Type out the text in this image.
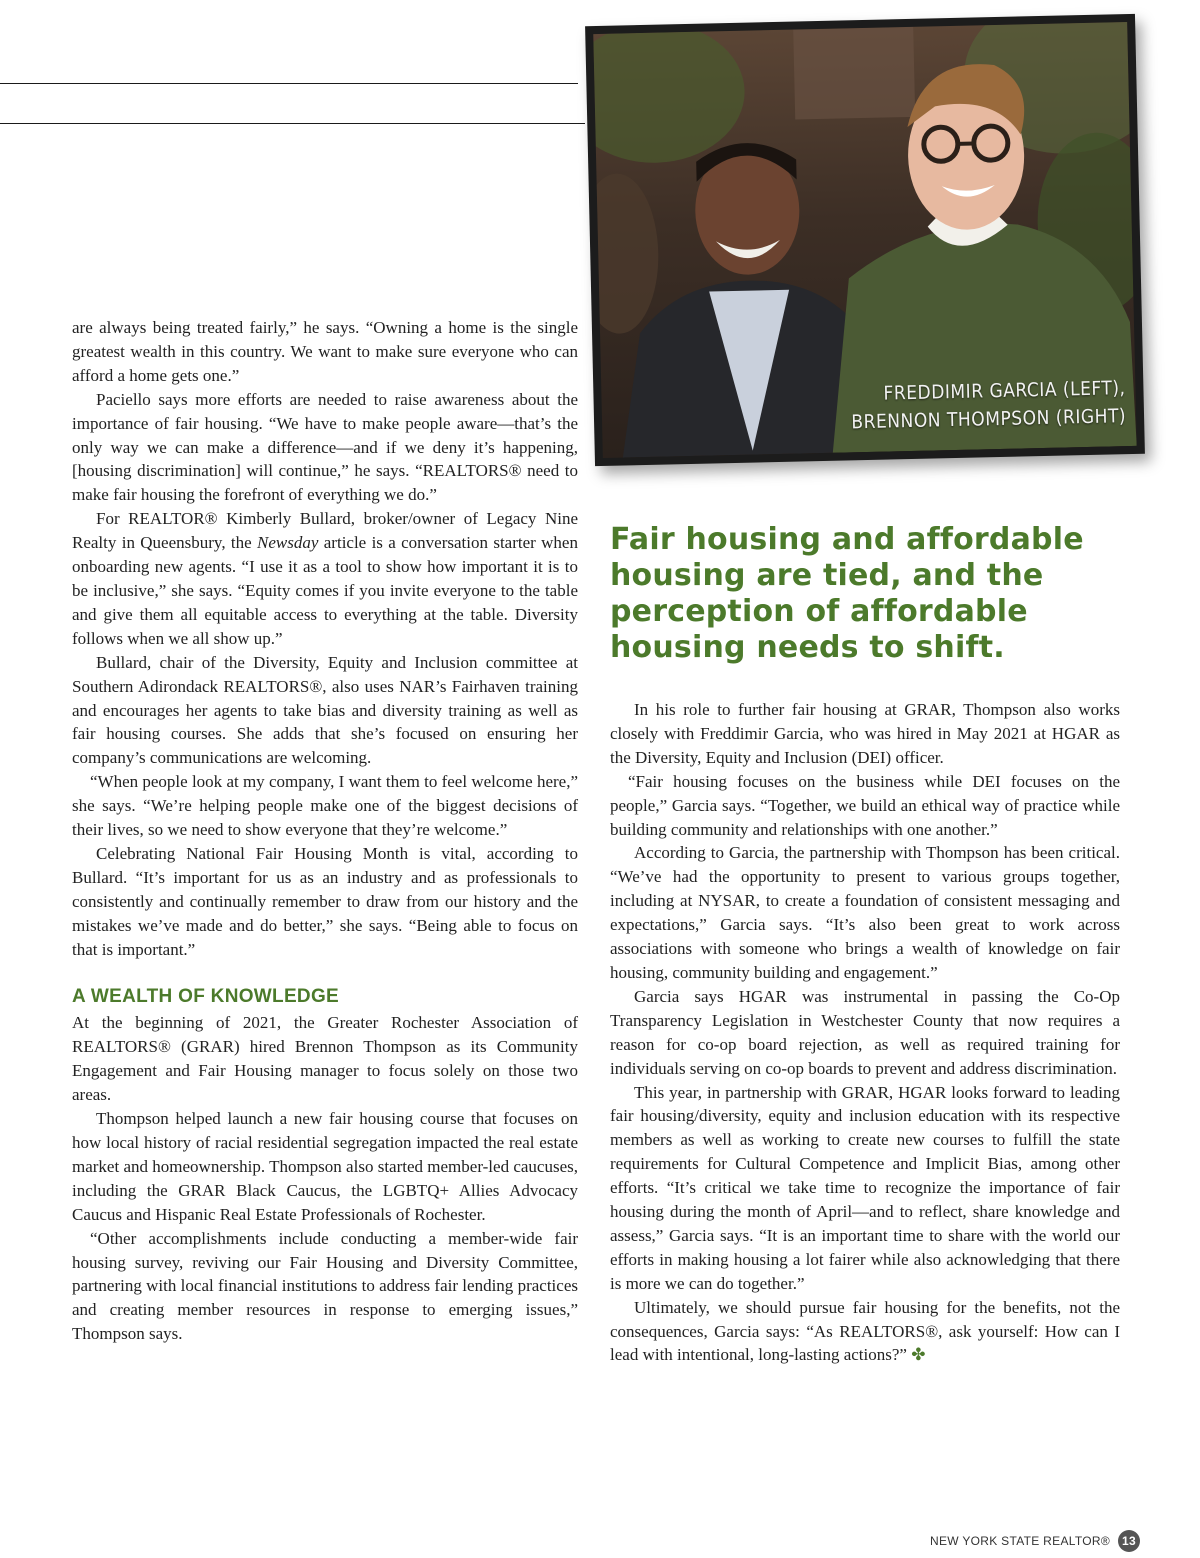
FREDDIMIR GARCIA (LEFT),
BRENNON THOMPSON (RIGHT)

are always being treated fairly,” he says. “Owning a home is the single greatest wealth in this country. We want to make sure everyone who can afford a home gets one.”

Paciello says more efforts are needed to raise awareness about the importance of fair housing. “We have to make people aware—that’s the only way we can make a difference—and if we deny it’s happening, [housing discrimination] will continue,” he says. “REALTORS® need to make fair housing the forefront of everything we do.”

For REALTOR® Kimberly Bullard, broker/owner of Legacy Nine Realty in Queensbury, the Newsday article is a conversation starter when onboarding new agents. “I use it as a tool to show how important it is to be inclusive,” she says. “Equity comes if you invite everyone to the table and give them all equitable access to everything at the table. Diversity follows when we all show up.”

Bullard, chair of the Diversity, Equity and Inclusion committee at Southern Adirondack REALTORS®, also uses NAR’s Fairhaven training and encourages her agents to take bias and diversity training as well as fair housing courses. She adds that she’s focused on ensuring her company’s communications are welcoming.

“When people look at my company, I want them to feel welcome here,” she says. “We’re helping people make one of the biggest decisions of their lives, so we need to show everyone that they’re welcome.”

Celebrating National Fair Housing Month is vital, according to Bullard. “It’s important for us as an industry and as professionals to consistently and continually remember to draw from our history and the mistakes we’ve made and do better,” she says. “Being able to focus on that is important.”

A WEALTH OF KNOWLEDGE

At the beginning of 2021, the Greater Rochester Association of REALTORS® (GRAR) hired Brennon Thompson as its Community Engagement and Fair Housing manager to focus solely on those two areas.

Thompson helped launch a new fair housing course that focuses on how local history of racial residential segregation impacted the real estate market and homeownership. Thompson also started member-led caucuses, including the GRAR Black Caucus, the LGBTQ+ Allies Advocacy Caucus and Hispanic Real Estate Professionals of Rochester.

“Other accomplishments include conducting a member-wide fair housing survey, reviving our Fair Housing and Diversity Committee, partnering with local financial institutions to address fair lending practices and creating member resources in response to emerging issues,” Thompson says.

Fair housing and affordable housing are tied, and the perception of affordable housing needs to shift.

In his role to further fair housing at GRAR, Thompson also works closely with Freddimir Garcia, who was hired in May 2021 at HGAR as the Diversity, Equity and Inclusion (DEI) officer.

“Fair housing focuses on the business while DEI focuses on the people,” Garcia says. “Together, we build an ethical way of practice while building community and relationships with one another.”

According to Garcia, the partnership with Thompson has been critical. “We’ve had the opportunity to present to various groups together, including at NYSAR, to create a foundation of consistent messaging and expectations,” Garcia says. “It’s also been great to work across associations with someone who brings a wealth of knowledge on fair housing, community building and engagement.”

Garcia says HGAR was instrumental in passing the Co-Op Transparency Legislation in Westchester County that now requires a reason for co-op board rejection, as well as required training for individuals serving on co-op boards to prevent and address discrimination.

This year, in partnership with GRAR, HGAR looks forward to leading fair housing/diversity, equity and inclusion education with its respective members as well as working to create new courses to fulfill the state requirements for Cultural Competence and Implicit Bias, among other efforts. “It’s critical we take time to recognize the importance of fair housing during the month of April—and to reflect, share knowledge and assess,” Garcia says. “It is an important time to share with the world our efforts in making housing a lot fairer while also acknowledging that there is more we can do together.”

Ultimately, we should pursue fair housing for the benefits, not the consequences, Garcia says: “As REALTORS®, ask yourself: How can I lead with intentional, long-lasting actions?” ✤

NEW YORK STATE REALTOR®	13
